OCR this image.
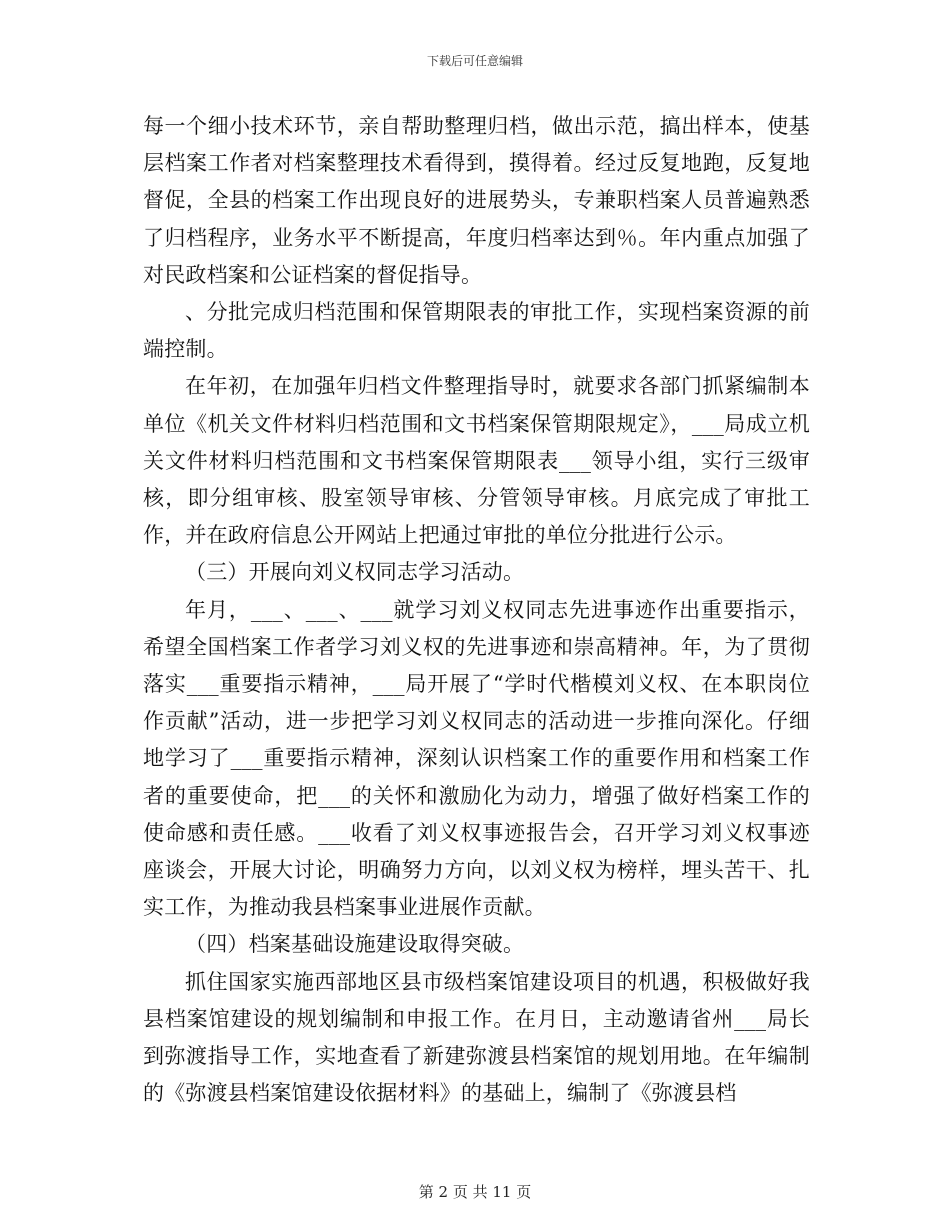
下载后可任意编辑

每一个细小技术环节，亲自帮助整理归档，做出示范，搞出样本，使基层档案工作者对档案整理技术看得到，摸得着。经过反复地跑，反复地督促，全县的档案工作出现良好的进展势头，专兼职档案人员普遍熟悉了归档程序，业务水平不断提高，年度归档率达到％。年内重点加强了对民政档案和公证档案的督促指导。

、分批完成归档范围和保管期限表的审批工作，实现档案资源的前端控制。

在年初，在加强年归档文件整理指导时，就要求各部门抓紧编制本单位《机关文件材料归档范围和文书档案保管期限规定》，___局成立机关文件材料归档范围和文书档案保管期限表___领导小组，实行三级审核，即分组审核、股室领导审核、分管领导审核。月底完成了审批工作，并在政府信息公开网站上把通过审批的单位分批进行公示。

（三）开展向刘义权同志学习活动。

年月，___、___、___就学习刘义权同志先进事迹作出重要指示，希望全国档案工作者学习刘义权的先进事迹和崇高精神。年，为了贯彻落实___重要指示精神，___局开展了“学时代楷模刘义权、在本职岗位作贡献”活动，进一步把学习刘义权同志的活动进一步推向深化。仔细地学习了___重要指示精神，深刻认识档案工作的重要作用和档案工作者的重要使命，把___的关怀和激励化为动力，增强了做好档案工作的使命感和责任感。___收看了刘义权事迹报告会，召开学习刘义权事迹座谈会，开展大讨论，明确努力方向，以刘义权为榜样，埋头苦干、扎实工作，为推动我县档案事业进展作贡献。

（四）档案基础设施建设取得突破。

抓住国家实施西部地区县市级档案馆建设项目的机遇，积极做好我县档案馆建设的规划编制和申报工作。在月日，主动邀请省州___局长到弥渡指导工作，实地查看了新建弥渡县档案馆的规划用地。在年编制的《弥渡县档案馆建设依据材料》的基础上，编制了《弥渡县档

第 2 页 共 11 页
